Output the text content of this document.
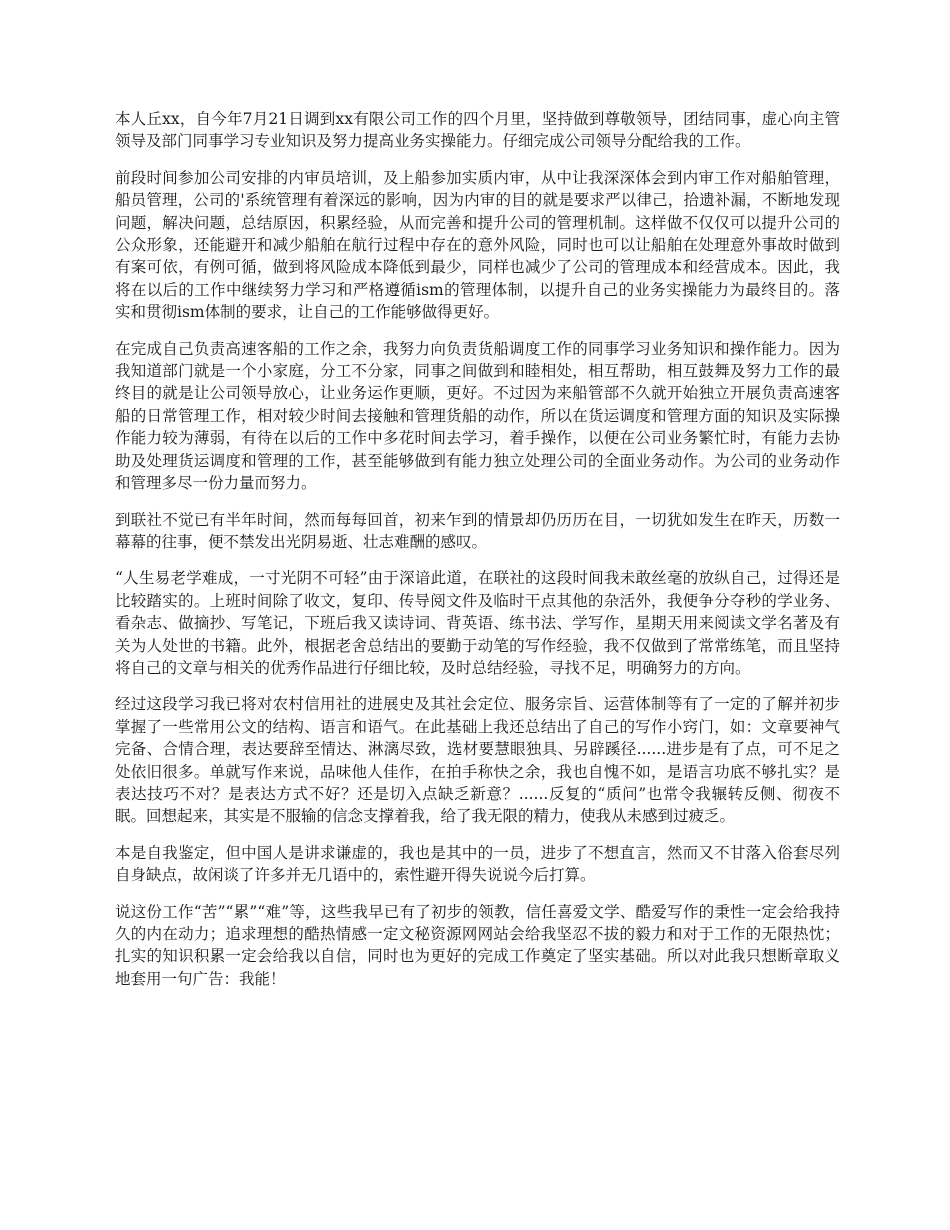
本人丘xx，自今年7月21日调到xx有限公司工作的四个月里，坚持做到尊敬领导，团结同事，虚心向主管领导及部门同事学习专业知识及努力提高业务实操能力。仔细完成公司领导分配给我的工作。

前段时间参加公司安排的内审员培训，及上船参加实质内审，从中让我深深体会到内审工作对船舶管理，船员管理，公司的'系统管理有着深远的影响，因为内审的目的就是要求严以律己，拾遗补漏，不断地发现问题，解决问题，总结原因，积累经验，从而完善和提升公司的管理机制。这样做不仅仅可以提升公司的公众形象，还能避开和减少船舶在航行过程中存在的意外风险，同时也可以让船舶在处理意外事故时做到有案可依，有例可循，做到将风险成本降低到最少，同样也减少了公司的管理成本和经营成本。因此，我将在以后的工作中继续努力学习和严格遵循ism的管理体制，以提升自己的业务实操能力为最终目的。落实和贯彻ism体制的要求，让自己的工作能够做得更好。

在完成自己负责高速客船的工作之余，我努力向负责货船调度工作的同事学习业务知识和操作能力。因为我知道部门就是一个小家庭，分工不分家，同事之间做到和睦相处，相互帮助，相互鼓舞及努力工作的最终目的就是让公司领导放心，让业务运作更顺，更好。不过因为来船管部不久就开始独立开展负责高速客船的日常管理工作，相对较少时间去接触和管理货船的动作，所以在货运调度和管理方面的知识及实际操作能力较为薄弱，有待在以后的工作中多花时间去学习，着手操作，以便在公司业务繁忙时，有能力去协助及处理货运调度和管理的工作，甚至能够做到有能力独立处理公司的全面业务动作。为公司的业务动作和管理多尽一份力量而努力。

到联社不觉已有半年时间，然而每每回首，初来乍到的情景却仍历历在目，一切犹如发生在昨天，历数一幕幕的往事，便不禁发出光阴易逝、壮志难酬的感叹。

“人生易老学难成，一寸光阴不可轻”由于深谙此道，在联社的这段时间我未敢丝毫的放纵自己，过得还是比较踏实的。上班时间除了收文，复印、传导阅文件及临时干点其他的杂活外，我便争分夺秒的学业务、看杂志、做摘抄、写笔记，下班后我又读诗词、背英语、练书法、学写作，星期天用来阅读文学名著及有关为人处世的书籍。此外，根据老舍总结出的要勤于动笔的写作经验，我不仅做到了常常练笔，而且坚持将自己的文章与相关的优秀作品进行仔细比较，及时总结经验，寻找不足，明确努力的方向。

经过这段学习我已将对农村信用社的进展史及其社会定位、服务宗旨、运营体制等有了一定的了解并初步掌握了一些常用公文的结构、语言和语气。在此基础上我还总结出了自己的写作小窍门，如：文章要神气完备、合情合理，表达要辞至情达、淋漓尽致，选材要慧眼独具、另辟蹊径......进步是有了点，可不足之处依旧很多。单就写作来说，品味他人佳作，在拍手称快之余，我也自愧不如，是语言功底不够扎实？是表达技巧不对？是表达方式不好？还是切入点缺乏新意？......反复的“质问”也常令我辗转反侧、彻夜不眠。回想起来，其实是不服输的信念支撑着我，给了我无限的精力，使我从未感到过疲乏。

本是自我鉴定，但中国人是讲求谦虚的，我也是其中的一员，进步了不想直言，然而又不甘落入俗套尽列自身缺点，故闲谈了许多并无几语中的，索性避开得失说说今后打算。

说这份工作“苦”“累”“难”等，这些我早已有了初步的领教，信任喜爱文学、酷爱写作的秉性一定会给我持久的内在动力；追求理想的酷热情感一定文秘资源网网站会给我坚忍不拔的毅力和对于工作的无限热忱；扎实的知识积累一定会给我以自信，同时也为更好的完成工作奠定了坚实基础。所以对此我只想断章取义地套用一句广告：我能！
